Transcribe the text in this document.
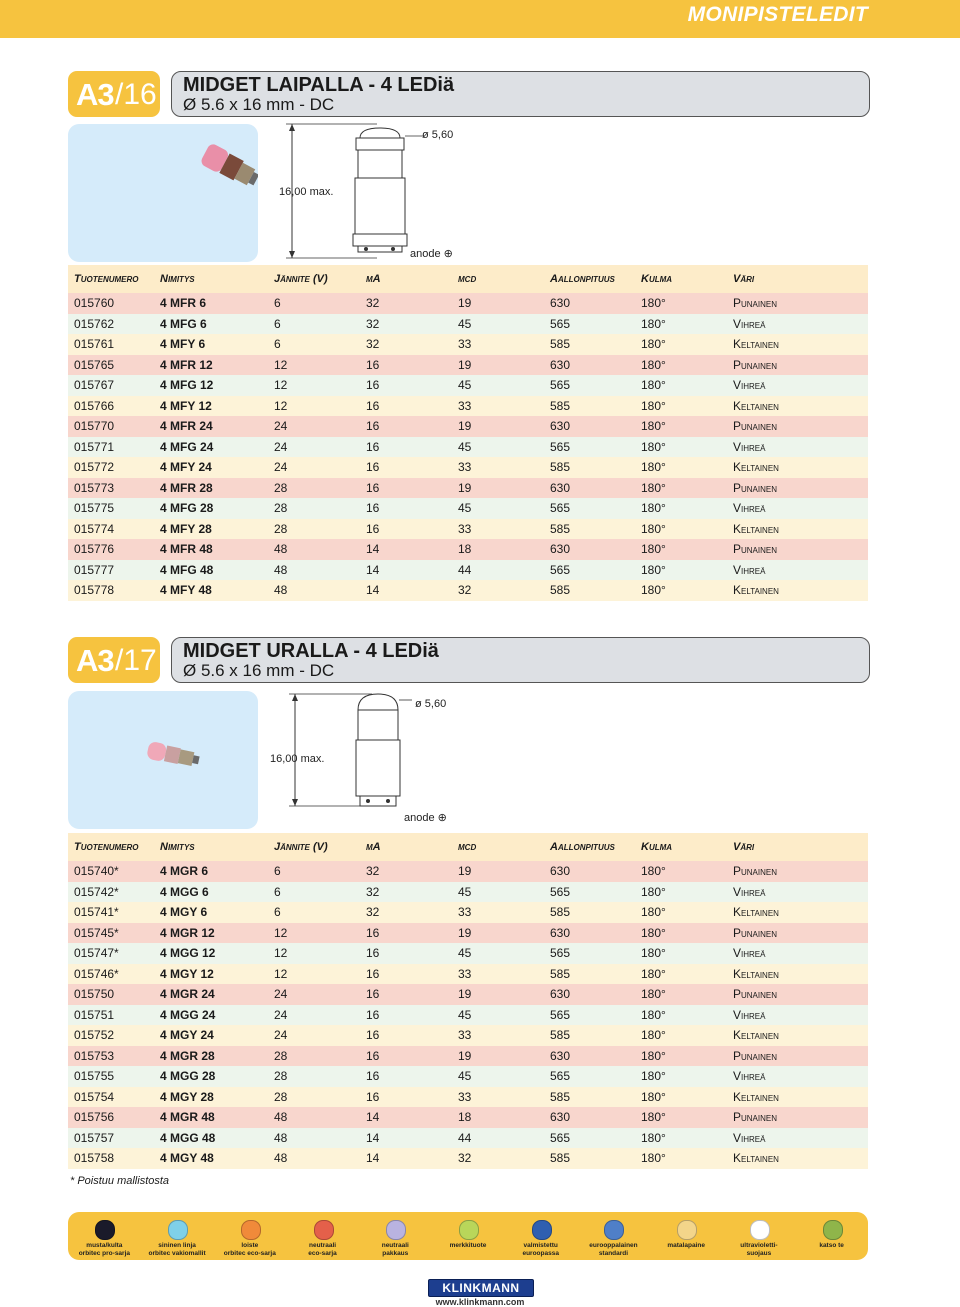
MONIPISTELEDIT
A3 /16 MIDGET LAIPALLA - 4 LEDiä
Ø 5.6 x 16 mm - DC
ø 5,60
16,00 max.
anode ⊕
Tuotenumero	Nimitys	Jännite (V)	mA	mcd	Aallonpituus	Kulma	Väri
015760	4 MFR 6	6	32	19	630	180°	Punainen
015762	4 MFG 6	6	32	45	565	180°	Vihreä
015761	4 MFY 6	6	32	33	585	180°	Keltainen
015765	4 MFR 12	12	16	19	630	180°	Punainen
015767	4 MFG 12	12	16	45	565	180°	Vihreä
015766	4 MFY 12	12	16	33	585	180°	Keltainen
015770	4 MFR 24	24	16	19	630	180°	Punainen
015771	4 MFG 24	24	16	45	565	180°	Vihreä
015772	4 MFY 24	24	16	33	585	180°	Keltainen
015773	4 MFR 28	28	16	19	630	180°	Punainen
015775	4 MFG 28	28	16	45	565	180°	Vihreä
015774	4 MFY 28	28	16	33	585	180°	Keltainen
015776	4 MFR 48	48	14	18	630	180°	Punainen
015777	4 MFG 48	48	14	44	565	180°	Vihreä
015778	4 MFY 48	48	14	32	585	180°	Keltainen
A3 /17 MIDGET URALLA - 4 LEDiä
Ø 5.6 x 16 mm - DC
ø 5,60
16,00 max.
anode ⊕
Tuotenumero	Nimitys	Jännite (V)	mA	mcd	Aallonpituus	Kulma	Väri
015740*	4 MGR 6	6	32	19	630	180°	Punainen
015742*	4 MGG 6	6	32	45	565	180°	Vihreä
015741*	4 MGY 6	6	32	33	585	180°	Keltainen
015745*	4 MGR 12	12	16	19	630	180°	Punainen
015747*	4 MGG 12	12	16	45	565	180°	Vihreä
015746*	4 MGY 12	12	16	33	585	180°	Keltainen
015750	4 MGR 24	24	16	19	630	180°	Punainen
015751	4 MGG 24	24	16	45	565	180°	Vihreä
015752	4 MGY 24	24	16	33	585	180°	Keltainen
015753	4 MGR 28	28	16	19	630	180°	Punainen
015755	4 MGG 28	28	16	45	565	180°	Vihreä
015754	4 MGY 28	28	16	33	585	180°	Keltainen
015756	4 MGR 48	48	14	18	630	180°	Punainen
015757	4 MGG 48	48	14	44	565	180°	Vihreä
015758	4 MGY 48	48	14	32	585	180°	Keltainen
* Poistuu mallistosta
musta/kulta
orbitec pro-sarja
sininen linja
orbitec vakiomallit
loiste
orbitec eco-sarja
neutraali
eco-sarja
neutraali
pakkaus
merkkituote	valmistettu
euroopassa
eurooppalainen
standardi
matalapaine	ultravioletti-
suojaus
katso te
KLINKMANN
www.klinkmann.com
